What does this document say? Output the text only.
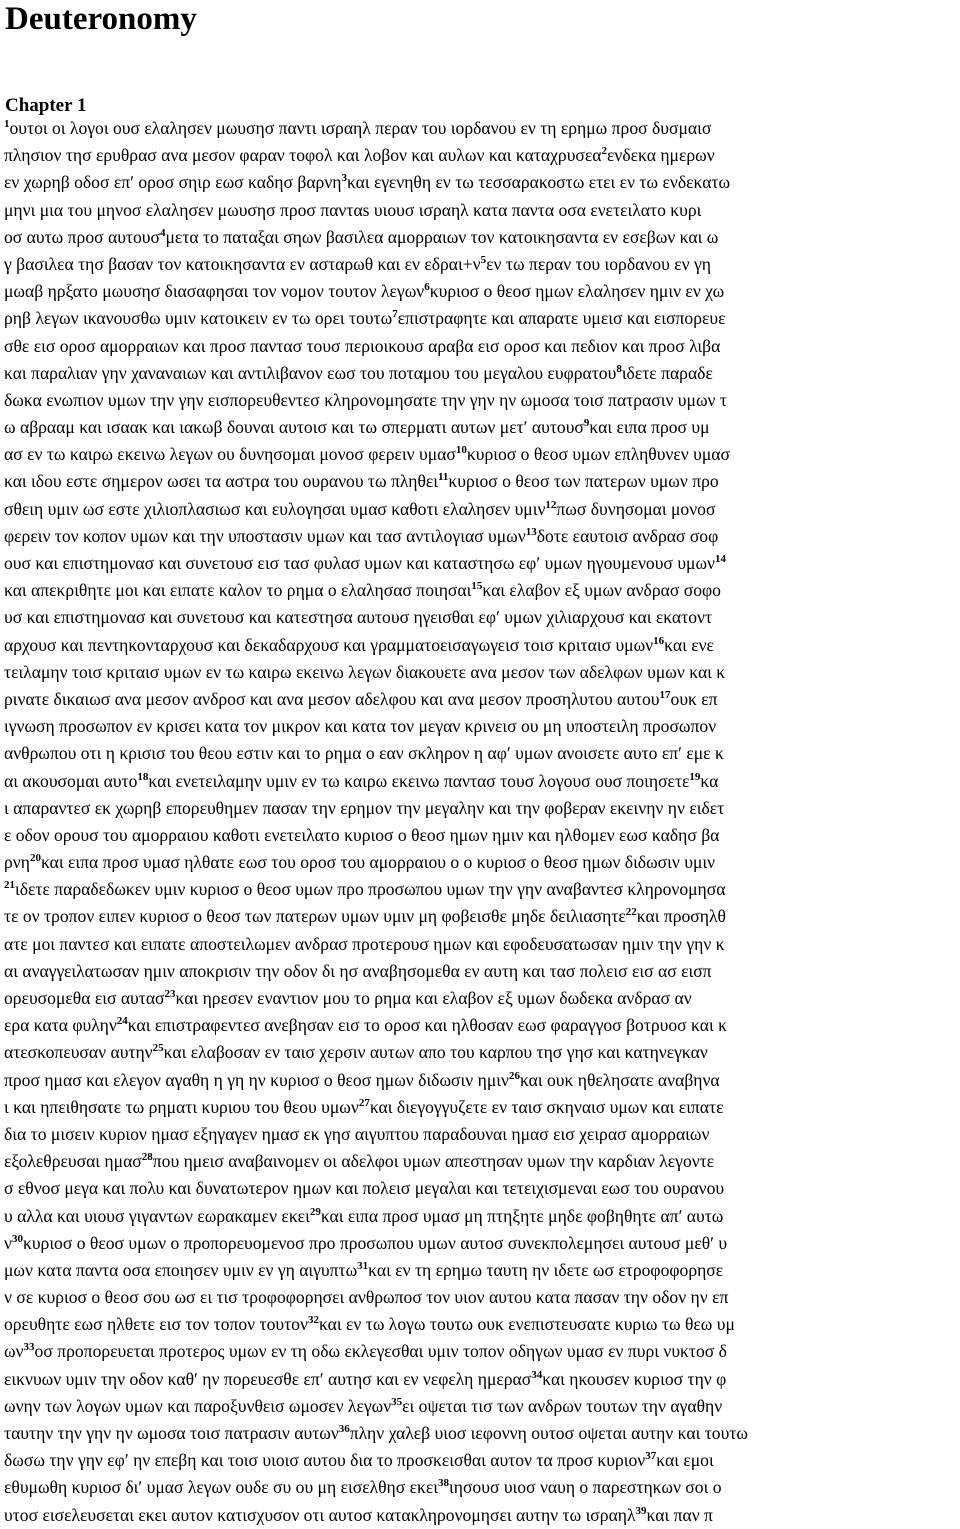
Deuteronomy
Chapter 1
$^1$ουτοι οι λογοι ουσ ελαλησεν μωυσησ παντι ισραηλ περαν του ιορδανου εν τη ερημω προσ δυσμαισ
πλησιον τησ ερυθρασ ανα μεσον φαραν τοφολ και λοβον και αυλων και καταχρυσεα$^2$ενδεκα ημερων
εν χωρηβ οδοσ επʹ οροσ σηιρ εωσ καδησ βαρνη$^3$και εγενηθη εν τω τεσσαρακοστω ετει εν τω ενδεκατω
μηνι μια του μηνοσ ελαλησεν μωυσησ προσ πανταs υιουσ ισραηλ κατα παντα οσα ενετειλατο κυρι
οσ αυτω προσ αυτουσ$^4$μετα το παταξαι σηων βασιλεα αμορραιων τον κατοικησαντα εν εσεβων και ω
γ βασιλεα τησ βασαν τον κατοικησαντα εν ασταρωθ και εν $\varepsilon\delta\rho\alpha\iota+\nu^5\varepsilon\nu$ τω περαν του ιορδανου εν γη
μωαβ ηρξατο μωυσησ διασαφησαι τον νομον τουτον λεγων$^6$κυριοσ ο θεοσ ημων ελαλησεν ημιν εν χω
ρηβ λεγων ικανουσθω υμιν κατοικειν εν τω ορει τουτω$^7$επιστραφητε και απαρατε υμεισ και εισπορευε
σθε εισ οροσ αμορραιων και προσ παντασ τουσ περιοικουσ αραβα εισ οροσ και πεδιον και προσ λιβα
και παραλιαν γην χαναναιων και αντιλιβανον εωσ του ποταμου του μεγαλου ευφρατου$^8$ιδετε παραδε
δωκα ενωπιον υμων την γην εισπορευθεντεσ κληρονομησατε την γην ην ωμοσα τοισ πατρασιν υμων τ
ω αβρααμ και ισαακ και ιακωβ δουναι αυτοισ και τω σπερματι αυτων μετʹ αυτουσ$^9$και ειπα προσ υμ
ασ εν τω καιρω εκεινω λεγων ου δυνησομαι μονοσ φερειν υμασ$^{10}$κυριοσ ο θεοσ υμων επληθυνεν υμασ
και ιδου εστε σημερον ωσει τα αστρα του ουρανου τω πληθει$^{11}$κυριοσ ο θεοσ των πατερων υμων προ
σθειη υμιν ωσ εστε χιλιοπλασιωσ και ευλογησαι υμασ καθοτι ελαλησεν υμιν$^{12}$πωσ δυνησομαι μονοσ
φερειν τον κοπον υμων και την υποστασιν υμων και τασ αντιλογιασ υμων$^{13}$δοτε εαυτοισ ανδρασ σοφ
ουσ και επιστημονασ και συνετουσ εισ τασ φυλασ υμων και καταστησω εφʹ υμων ηγουμενουσ υμων$^{14}$
και απεκριθητε μοι και ειπατε καλον το ρημα ο ελαλησασ ποιησαι$^{15}$και ελαβον εξ υμων ανδρασ σοφο
υσ και επιστημονασ και συνετουσ και κατεστησα αυτουσ ηγεισθαι εφʹ υμων χιλιαρχουσ και εκατοντ
αρχουσ και πεντηκονταρχουσ και δεκαδαρχουσ και γραμματοεισαγωγεισ τοισ κριταισ υμων$^{16}$και ενε
τειλαμην τοισ κριταισ υμων εν τω καιρω εκεινω λεγων διακουετε ανα μεσον των αδελφων υμων και κ
ρινατε δικαιωσ ανα μεσον ανδροσ και ανα μεσον αδελφου και ανα μεσον προσηλυτου αυτου$^{17}$ουκ επ
ιγνωση προσωπον εν κρισει κατα τον μικρον και κατα τον μεγαν κρινεισ ου μη υποστειλη προσωπον
ανθρωπου οτι η κρισισ του θεου εστιν και το ρημα ο εαν σκληρον η αφʹ υμων ανοισετε αυτο επʹ εμε κ
αι ακουσομαι αυτο$^{18}$και ενετειλαμην υμιν εν τω καιρω εκεινω παντασ τουσ λογουσ ουσ ποιησετε$^{19}$κα
ι απαραντεσ εκ χωρηβ επορευθημεν πασαν την ερημον την μεγαλην και την φοβεραν εκεινην ην ειδετ
ε οδον ορουσ του αμορραιου καθοτι ενετειλατο κυριοσ ο θεοσ ημων ημιν και ηλθομεν εωσ καδησ βα
ρνη$^{20}$και ειπα προσ υμασ ηλθατε εωσ του οροσ του αμορραιου ο ο κυριοσ ο θεοσ ημων διδωσιν υμιν
$^{21}$ιδετε παραδεδωκεν υμιν κυριοσ ο θεοσ υμων προ προσωπου υμων την γην αναβαντεσ κληρονομησα
τε ον τροπον ειπεν κυριοσ ο θεοσ των πατερων υμων υμιν μη φοβεισθε μηδε δειλιασητε$^{22}$και προσηλθ
ατε μοι παντεσ και ειπατε αποστειλωμεν ανδρασ προτερουσ ημων και εφοδευσατωσαν ημιν την γην κ
αι αναγγειλατωσαν ημιν αποκρισιν την οδον δι ησ αναβησομεθα εν αυτη και τασ πολεισ εισ ασ εισπ
ορευσομεθα εισ αυτασ$^{23}$και ηρεσεν εναντιον μου το ρημα και ελαβον εξ υμων δωδεκα ανδρασ αν
ερα κατα φυλην$^{24}$και επιστραφεντεσ ανεβησαν εισ το οροσ και ηλθοσαν εωσ φαραγγοσ βοτρυοσ και κ
ατεσκοπευσαν αυτην$^{25}$και ελαβοσαν εν ταισ χερσιν αυτων απο του καρπου τησ γησ και κατηνεγκαν
προσ ημασ και ελεγον αγαθη η γη ην κυριοσ ο θεοσ ημων διδωσιν ημιν$^{26}$και ουκ ηθελησατε αναβηνα
ι και ηπειθησατε τω ρηματι κυριου του θεου υμων$^{27}$και διεγογγυζετε εν ταισ σκηναισ υμων και ειπατε
δια το μισειν κυριον ημασ εξηγαγεν ημασ εκ γησ αιγυπτου παραδουναι ημασ εισ χειρασ αμορραιων
εξολεθρευσαι ημασ$^{28}$που ημεισ αναβαινομεν οι αδελφοι υμων απεστησαν υμων την καρδιαν λεγοντε
σ εθνοσ μεγα και πολυ και δυνατωτερον ημων και πολεισ μεγαλαι και τετειχισμεναι εωσ του ουρανου
υ αλλα και υιουσ γιγαντων εωρακαμεν εκει$^{29}$και ειπα προσ υμασ μη πτηξητε μηδε φοβηθητε απʹ αυτω
$\nu^{30}\kappa\upsilon\rho\iota o\sigma$ ο θεοσ υμων ο προπορευομενοσ προ προσωπου υμων αυτοσ συνεκπολεμησει αυτουσ μεθʹ υ
μων κατα παντα οσα εποιησεν υμιν εν γη αιγυπτω$^{31}$και εν τη ερημω ταυτη ην ιδετε ωσ ετροφοφορησε
ν σε κυριοσ ο θεοσ σου ωσ ει τισ τροφοφορησει ανθρωποσ τον υιον αυτου κατα πασαν την οδον ην επ
ορευθητε εωσ ηλθετε εισ τον τοπον τουτον$^{32}$και εν τω λογω τουτω ουκ ενεπιστευσατε κυριω τω θεω υμ
$\omega\nu^{33}o\sigma$ προπορευεται προτερος υμων εν τη οδω εκλεγεσθαι υμιν τοπον οδηγων υμασ εν πυρι νυκτοσ δ
εικνυων υμιν την οδον καθʹ ην πορευεσθε επʹ αυτησ και εν νεφελη ημερασ$^{34}$και ηκουσεν κυριοσ την φ
ωνην των λογων υμων και παροξυνθεισ ωμοσεν λεγων$^{35}$ει οψεται τισ των ανδρων τουτων την αγαθην
ταυτην την γην ην ωμοσα τοισ πατρασιν αυτων$^{36}$πλην χαλεβ υιοσ ιεφοννη ουτοσ οψεται αυτην και τουτω
δωσω την γην εφʹ ην επεβη και τοισ υιοισ αυτου δια το προσκεισθαι αυτον τα προσ κυριον$^{37}$και εμοι
εθυμωθη κυριοσ διʹ υμασ λεγων ουδε συ ου μη εισελθησ εκει$^{38}$ιησουσ υιοσ ναυη ο παρεστηκων σοι ο
υτοσ εισελευσεται εκει αυτον κατισχυσον οτι αυτοσ κατακληρονομησει αυτην τω ισραηλ$^{39}$και παν π
